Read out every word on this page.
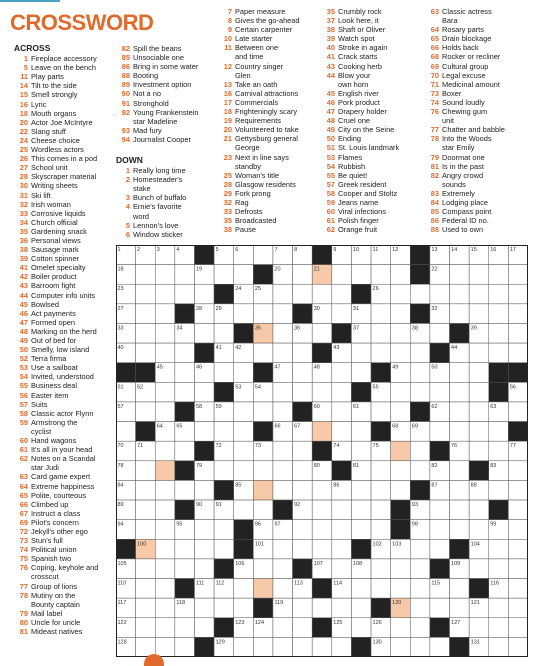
CROSSWORD
ACROSS
1 Fireplace accessory
5 Leave on the bench
11 Play parts
14 Tilt to the side
15 Smell strongly
16 Lyric
18 Mouth organs
20 Actor Joe McIntyre
22 Slang stuff
24 Cheese choice
25 Wordless actors
26 This comes in a pod
27 School unit
28 Skyscraper material
30 Writing sheets
31 Ski lift
32 Irish woman
33 Corrosive liquids
34 Church official
35 Gardening snack
36 Personal views
38 Sausage mark
39 Cotton spinner
41 Omelet specialty
42 Boiler product
43 Barroom fight
44 Computer info units
45 Bowlsed
46 Act payments
47 Formed open
48 Marking on the herd
49 Out of bed for
50 Smelly, low island
52 Terra firma
53 Use a sailboat
54 Invited, understood
55 Business deal
56 Easter item
57 Suits
58 Classic actor Flynn
59 Armstrong the
cyclist
60 Hand wagons
61 It's all in your head
62 Notes on a Scandal
star Judi
63 Card game expert
64 Extreme happiness
65 Polite, courteous
66 Climbed up
67 Instruct a class
69 Pilot's concern
72 Jekyll's other ego
73 Stun's full
74 Political union
75 Spanish two
76 Coping, keyhole and
crosscut
77 Group of lions
78 Mutiny on the
Bounty captain
79 Mail label
80 Uncle for uncle
81 Mideast natives
82 Spill the beans
85 Unsociable one
86 Bring in some water
88 Booting
89 Investment option
90 Not a no
91 Stronghold
92 Young Frankenstein
star Madeline
93 Mad fury
94 Journalist Cooper
DOWN
1 Really long time
2 Homesteader's
stake
3 Bunch of buffalo
4 Ernie's favorite
word
5 Lennon's love
6 Window sticker
7 Paper measure
8 Gives the go-ahead
9 Certain carpenter
10 Late starter
11 Between one
and time
12 Country singer
Glen
13 Take an oath
16 Carnival attractions
17 Commercials
18 Frighteningly scary
19 Requirements
20 Volunteered to take
21 Gettysburg general
George
23 Next in line says
standby
25 Woman's title
28 Glasgow residents
29 Fork prong
32 Rag
33 Defrosts
35 Broadcasted
38 Pause
35 Crumbly rock
37 Look here, it
38 Shaft or Oliver
39 Watch spot
40 Stroke in again
41 Crack starts
43 Cooking herb
44 Blow your
own horn
45 English river
46 Pork product
47 Drapery holder
48 Cruel one
49 City on the Seine
50 Ending
51 St. Louis landmark
53 Flames
54 Rubbish
55 Be quiet!
57 Greek resident
58 Cooper and Stoltz
59 Jeans name
60 Viral infections
61 Polish finger
62 Orange fruit
63 Classic actress
Bara
64 Rosary parts
65 Drain blockage
66 Holds back
68 Rocker or recliner
69 Cultural group
70 Legal excuse
71 Medicinal amount
73 Boxer
74 Sound loudly
76 Chewing gum
unit
77 Chatter and babble
78 Into the Woods
star Emily
79 Doormat one
81 Is in the past
82 Angry crowd
sounds
83 Extremely
84 Lodging place
85 Compass point
86 Federal ID no.
88 Used to own
1	2	3	4	5	6	7	8	9	10 11	12	13 14 15 16 17
18	19	20	21	22
23	24 25	26
27	28 29	30	31	32
33	34	35	36	37	38	39
40	41 42	43	44
45	46	47	48	49	50
51 52	53 54	55	56
57	58 59	60	61	62	63
64 65	66 67	68 69
70 71	72	73	74	75	76	77
78	79	80	81	82	83
84	85	86	87	88
89	90 91	92	93
94	95	96 97	98	99
100	101	102 103	104
105	106	107	108	109
110	111 112	113	114	115	116
117	118	119	120	121
122	123 124	125	126	127
128	129	130	131
